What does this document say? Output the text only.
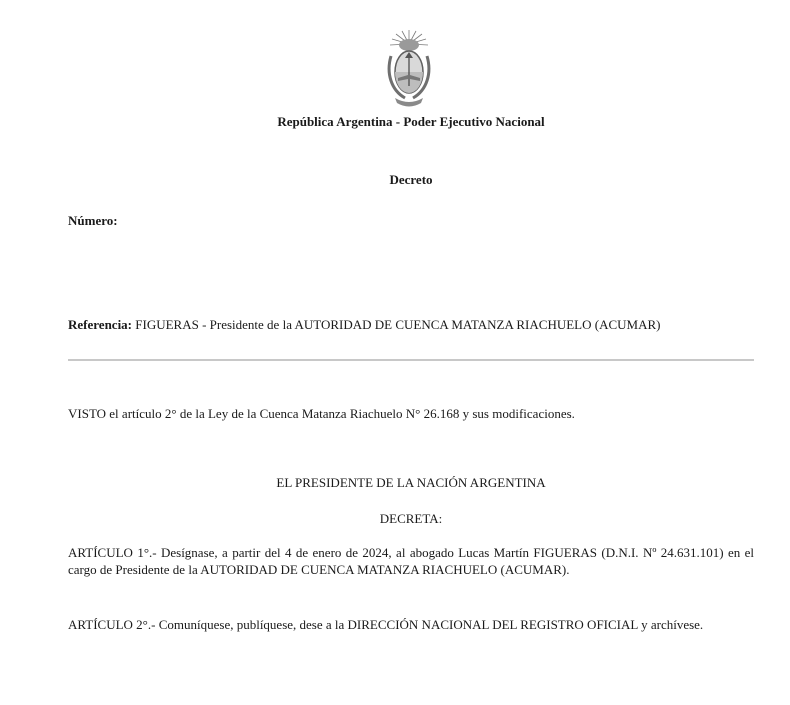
República Argentina - Poder Ejecutivo Nacional
Decreto
Número:
Referencia: FIGUERAS - Presidente de la AUTORIDAD DE CUENCA MATANZA RIACHUELO (ACUMAR)
VISTO el artículo 2° de la Ley de la Cuenca Matanza Riachuelo N° 26.168 y sus modificaciones.
EL PRESIDENTE DE LA NACIÓN ARGENTINA
DECRETA:
ARTÍCULO 1°.- Desígnase, a partir del 4 de enero de 2024, al abogado Lucas Martín FIGUERAS (D.N.I. Nº 24.631.101) en el cargo de Presidente de la AUTORIDAD DE CUENCA MATANZA RIACHUELO (ACUMAR).
ARTÍCULO 2°.- Comuníquese, publíquese, dese a la DIRECCIÓN NACIONAL DEL REGISTRO OFICIAL y archívese.
